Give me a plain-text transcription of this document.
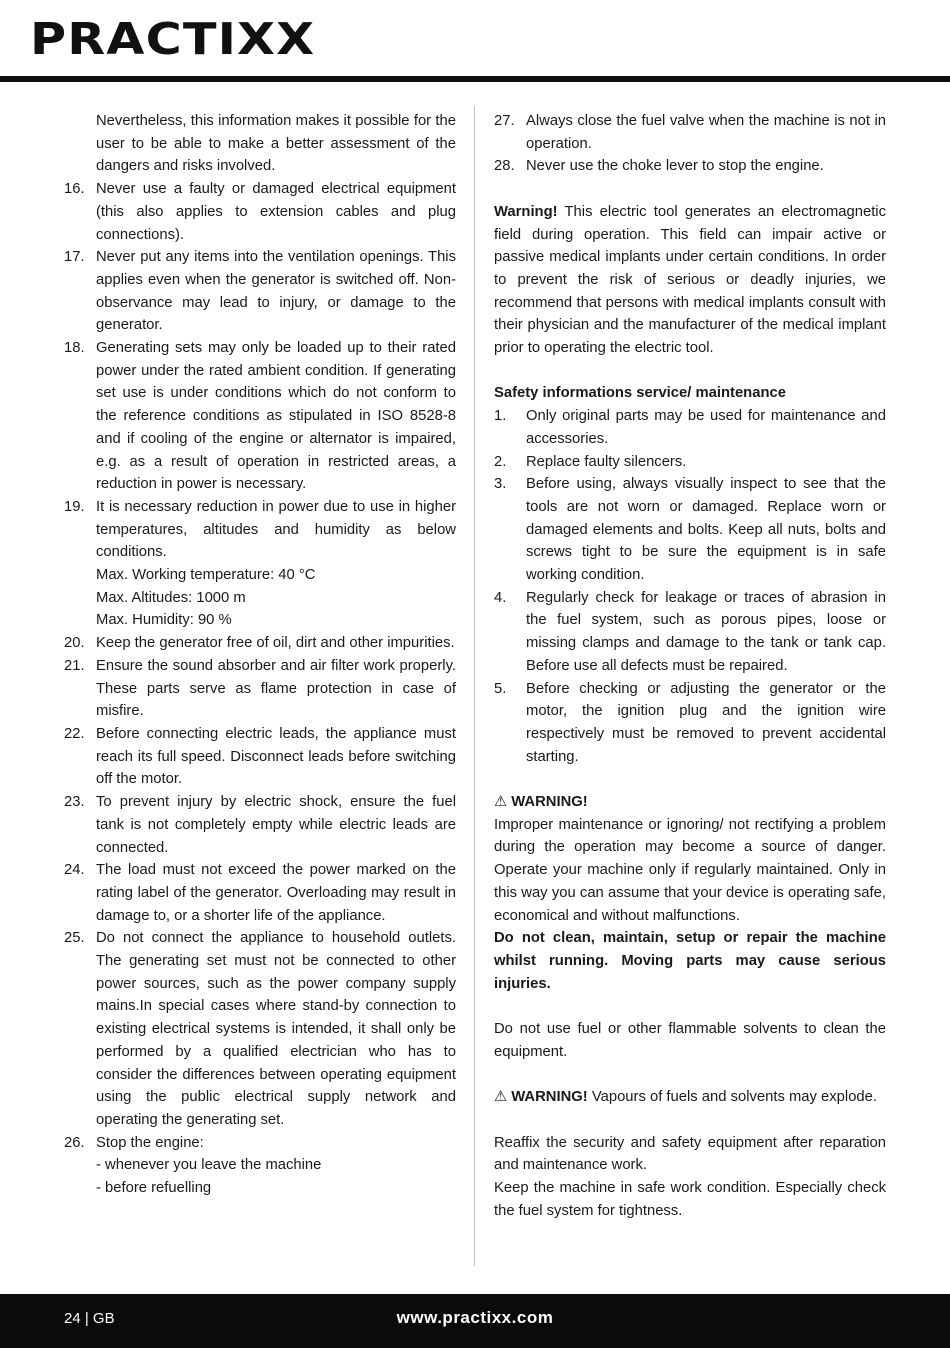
PRACTIXX
Nevertheless, this information makes it possible for the user to be able to make a better assessment of the dangers and risks involved.
16. Never use a faulty or damaged electrical equipment (this also applies to extension cables and plug connections).
17. Never put any items into the ventilation openings. This applies even when the generator is switched off. Non-observance may lead to injury, or damage to the generator.
18. Generating sets may only be loaded up to their rated power under the rated ambient condition. If generating set use is under conditions which do not conform to the reference conditions as stipulated in ISO 8528-8 and if cooling of the engine or alternator is impaired, e.g. as a result of operation in restricted areas, a reduction in power is necessary.
19. It is necessary reduction in power due to use in higher temperatures, altitudes and humidity as below conditions.
Max. Working temperature: 40 °C
Max. Altitudes: 1000 m
Max. Humidity: 90 %
20. Keep the generator free of oil, dirt and other impurities.
21. Ensure the sound absorber and air filter work properly. These parts serve as flame protection in case of misfire.
22. Before connecting electric leads, the appliance must reach its full speed. Disconnect leads before switching off the motor.
23. To prevent injury by electric shock, ensure the fuel tank is not completely empty while electric leads are connected.
24. The load must not exceed the power marked on the rating label of the generator. Overloading may result in damage to, or a shorter life of the appliance.
25. Do not connect the appliance to household outlets. The generating set must not be connected to other power sources, such as the power company supply mains.In special cases where stand-by connection to existing electrical systems is intended, it shall only be performed by a qualified electrician who has to consider the differences between operating equipment using the public electrical supply network and operating the generating set.
26. Stop the engine:
- whenever you leave the machine
- before refuelling
27. Always close the fuel valve when the machine is not in operation.
28. Never use the choke lever to stop the engine.

Warning! This electric tool generates an electromagnetic field during operation. This field can impair active or passive medical implants under certain conditions. In order to prevent the risk of serious or deadly injuries, we recommend that persons with medical implants consult with their physician and the manufacturer of the medical implant prior to operating the electric tool.

Safety informations service/ maintenance
1. Only original parts may be used for maintenance and accessories.
2. Replace faulty silencers.
3. Before using, always visually inspect to see that the tools are not worn or damaged. Replace worn or damaged elements and bolts. Keep all nuts, bolts and screws tight to be sure the equipment is in safe working condition.
4. Regularly check for leakage or traces of abrasion in the fuel system, such as porous pipes, loose or missing clamps and damage to the tank or tank cap. Before use all defects must be repaired.
5. Before checking or adjusting the generator or the motor, the ignition plug and the ignition wire respectively must be removed to prevent accidental starting.
⚠ WARNING!

Improper maintenance or ignoring/ not rectifying a problem during the operation may become a source of danger. Operate your machine only if regularly maintained. Only in this way you can assume that your device is operating safe, economical and without malfunctions.

Do not clean, maintain, setup or repair the machine whilst running. Moving parts may cause serious injuries.

Do not use fuel or other flammable solvents to clean the equipment.

⚠ WARNING! Vapours of fuels and solvents may explode.

Reaffix the security and safety equipment after reparation and maintenance work.

Keep the machine in safe work condition. Especially check the fuel system for tightness.

24 | GB	www.practixx.com
